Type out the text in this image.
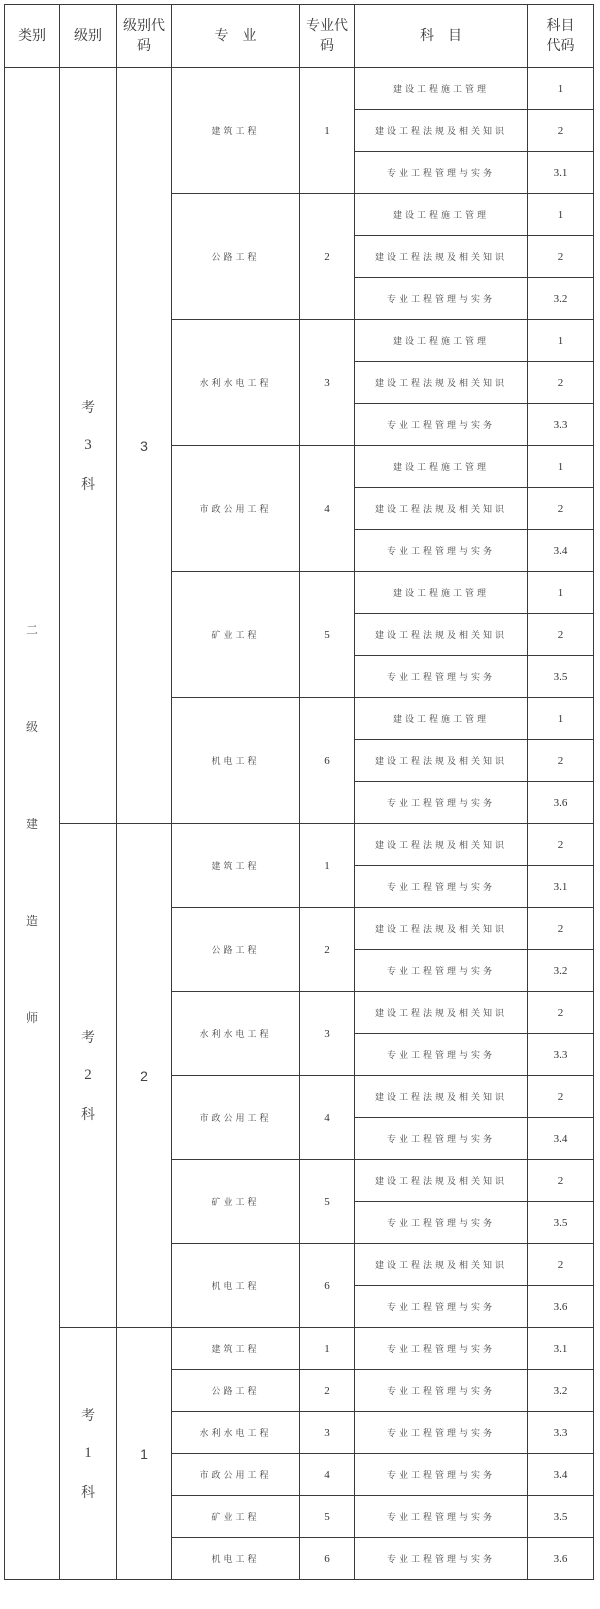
类别	级别	级别代码	专　业	专业代码	科　目	科目代码

二
级
建
造
师	考
3
科	3	建筑工程	1	建设工程施工管理	1
					建设工程法规及相关知识	2
					专业工程管理与实务	3.1
			公路工程	2	建设工程施工管理	1
					建设工程法规及相关知识	2
					专业工程管理与实务	3.2
			水利水电工程	3	建设工程施工管理	1
					建设工程法规及相关知识	2
					专业工程管理与实务	3.3
			市政公用工程	4	建设工程施工管理	1
					建设工程法规及相关知识	2
					专业工程管理与实务	3.4
			矿业工程	5	建设工程施工管理	1
					建设工程法规及相关知识	2
					专业工程管理与实务	3.5
			机电工程	6	建设工程施工管理	1
					建设工程法规及相关知识	2
					专业工程管理与实务	3.6

	考
2
科	2	建筑工程	1	建设工程法规及相关知识	2
					专业工程管理与实务	3.1
			公路工程	2	建设工程法规及相关知识	2
					专业工程管理与实务	3.2
			水利水电工程	3	建设工程法规及相关知识	2
					专业工程管理与实务	3.3
			市政公用工程	4	建设工程法规及相关知识	2
					专业工程管理与实务	3.4
			矿业工程	5	建设工程法规及相关知识	2
					专业工程管理与实务	3.5
			机电工程	6	建设工程法规及相关知识	2
					专业工程管理与实务	3.6

	考
1
科	1	建筑工程	1	专业工程管理与实务	3.1
			公路工程	2	专业工程管理与实务	3.2
			水利水电工程	3	专业工程管理与实务	3.3
			市政公用工程	4	专业工程管理与实务	3.4
			矿业工程	5	专业工程管理与实务	3.5
			机电工程	6	专业工程管理与实务	3.6
